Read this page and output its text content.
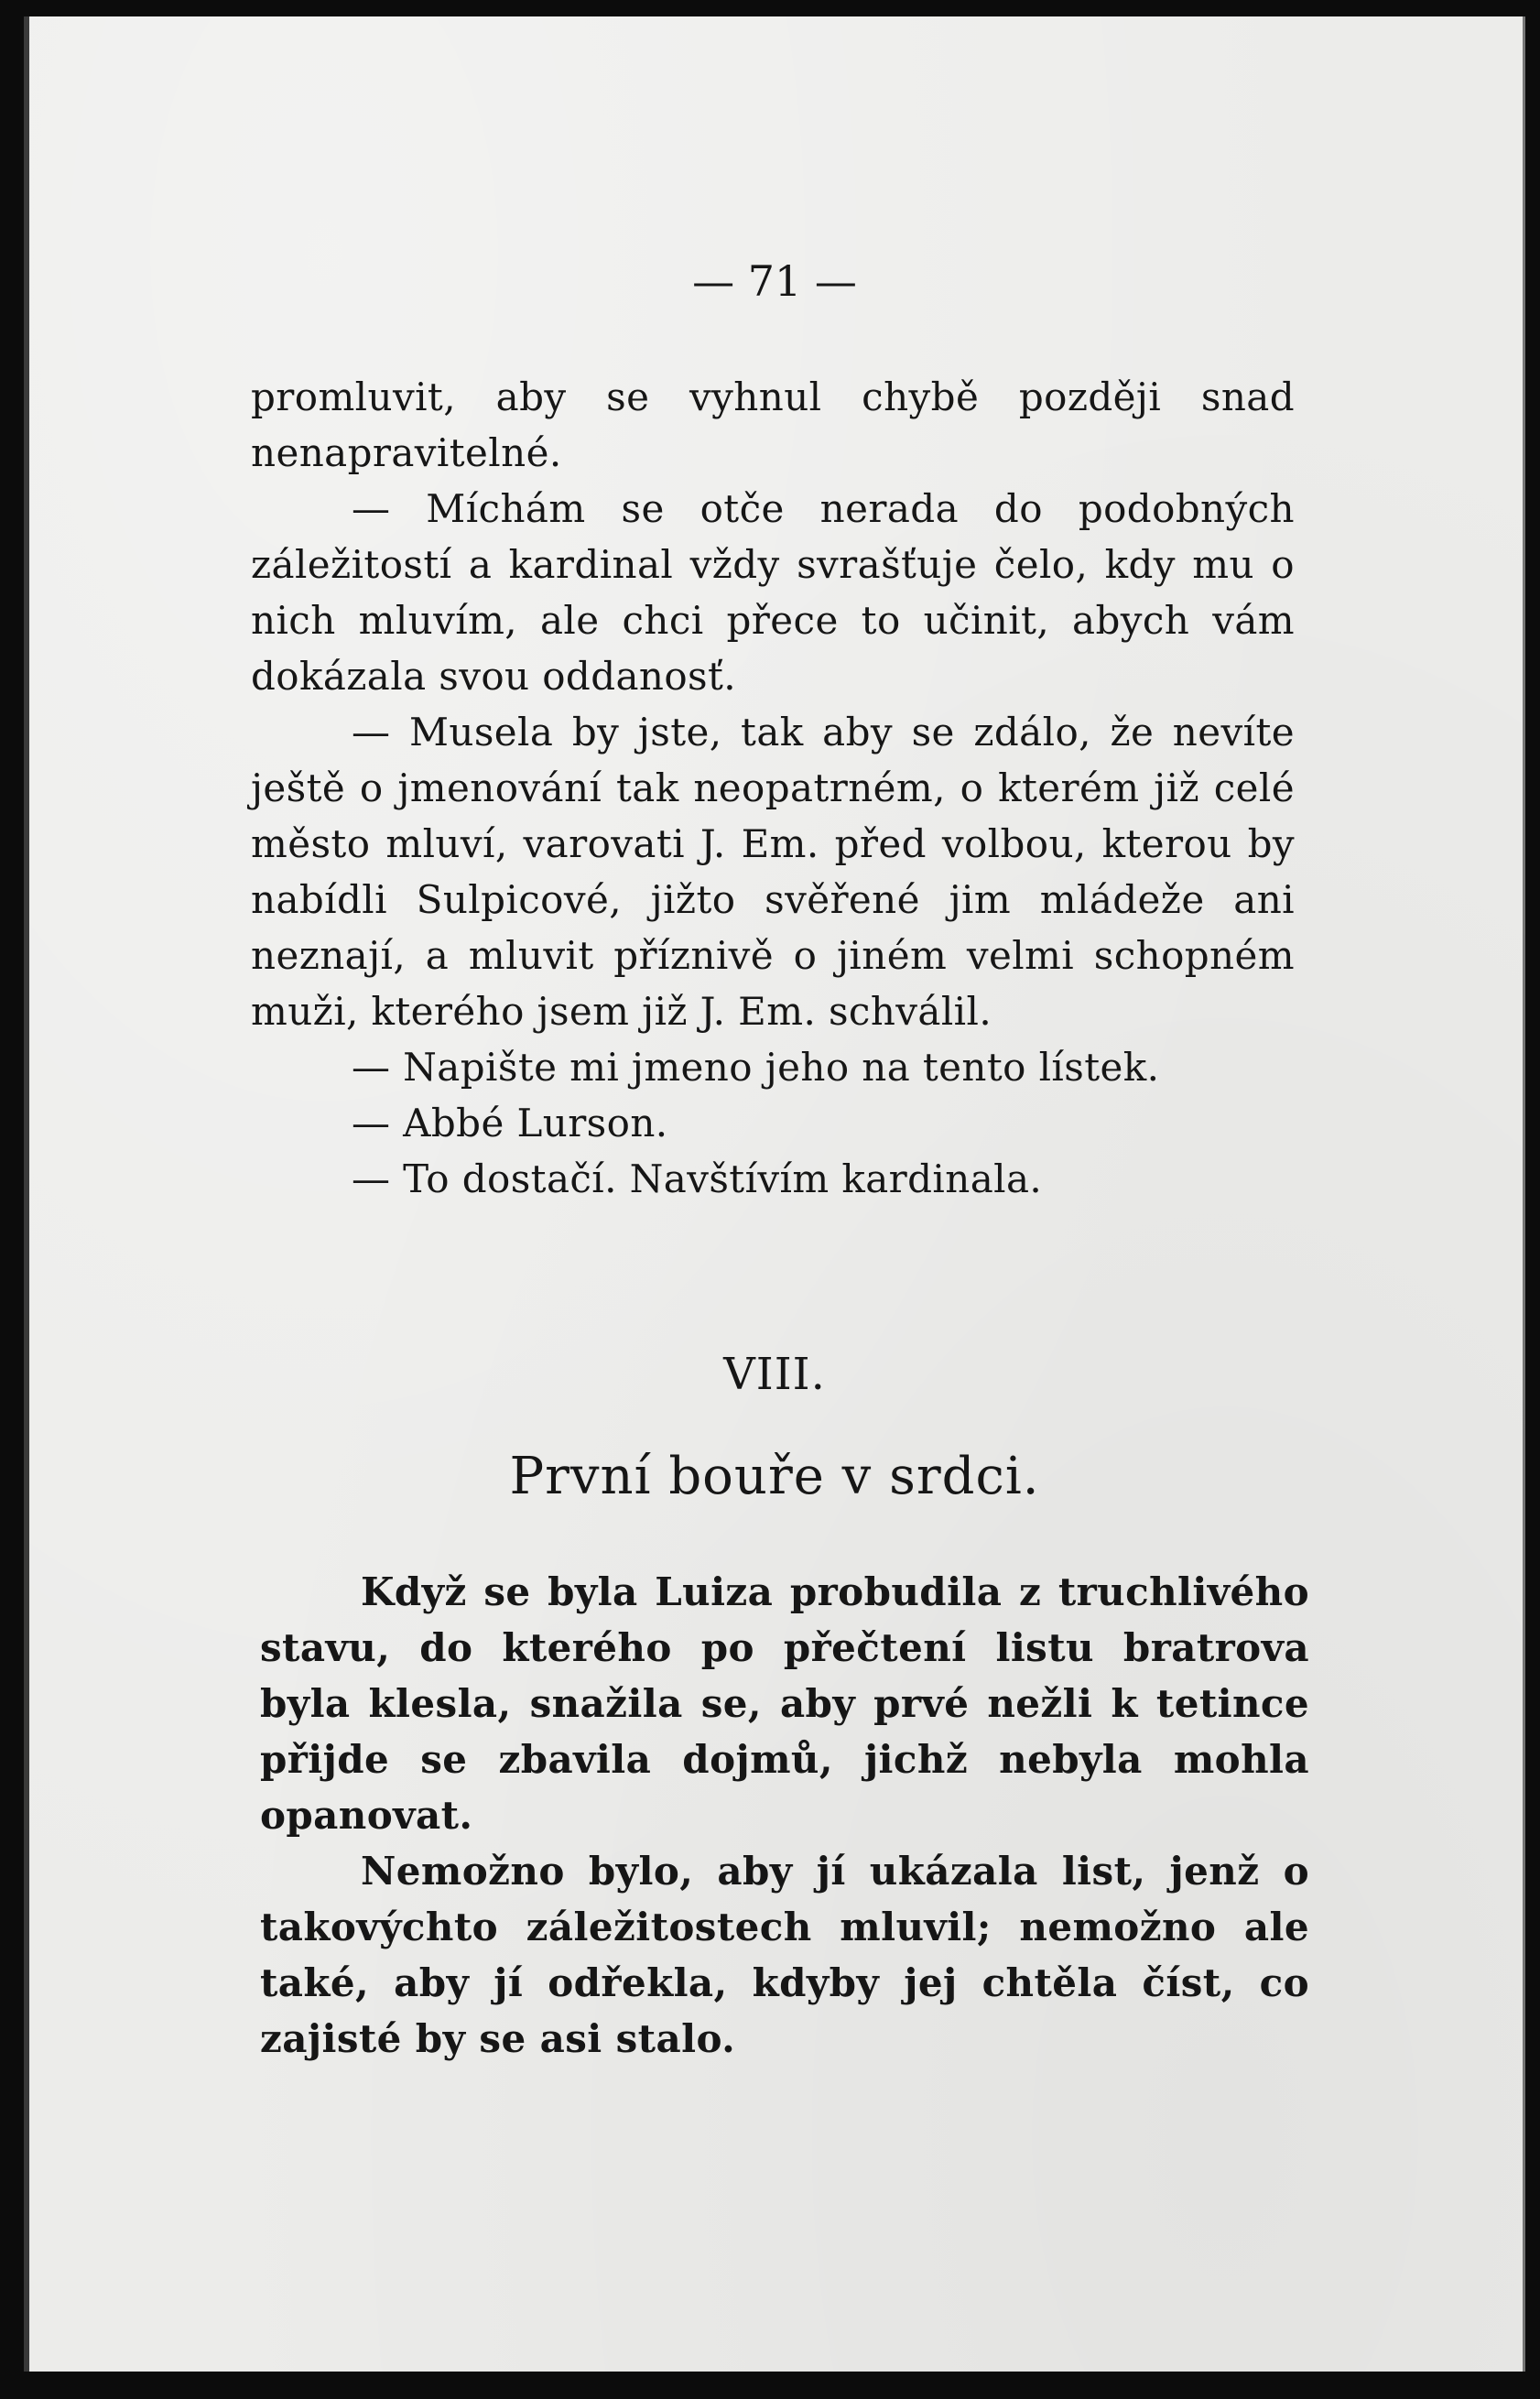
— 71 —

promluvit, aby se vyhnul chybě později snad nenapravitelné.

— Míchám se otče nerada do podobných záležitostí a kardinal vždy svrašťuje čelo, kdy mu o nich mluvím, ale chci přece to učinit, abych vám dokázala svou oddanosť.

— Musela by jste, tak aby se zdálo, že nevíte ještě o jmenování tak neopatrném, o kterém již celé město mluví, varovati J. Em. před volbou, kterou by nabídli Sulpicové, jižto svěřené jim mládeže ani neznají, a mluvit příznivě o jiném velmi schopném muži, kterého jsem již J. Em. schválil.

— Napište mi jmeno jeho na tento lístek.

— Abbé Lurson.

— To dostačí. Navštívím kardinala.

VIII.
První bouře v srdci.

Když se byla Luiza probudila z truchlivého stavu, do kterého po přečtení listu bratrova byla klesla, snažila se, aby prvé nežli k tetince přijde se zbavila dojmů, jichž nebyla mohla opanovat.

Nemožno bylo, aby jí ukázala list, jenž o takovýchto záležitostech mluvil; nemožno ale také, aby jí odřekla, kdyby jej chtěla číst, co zajisté by se asi stalo.
